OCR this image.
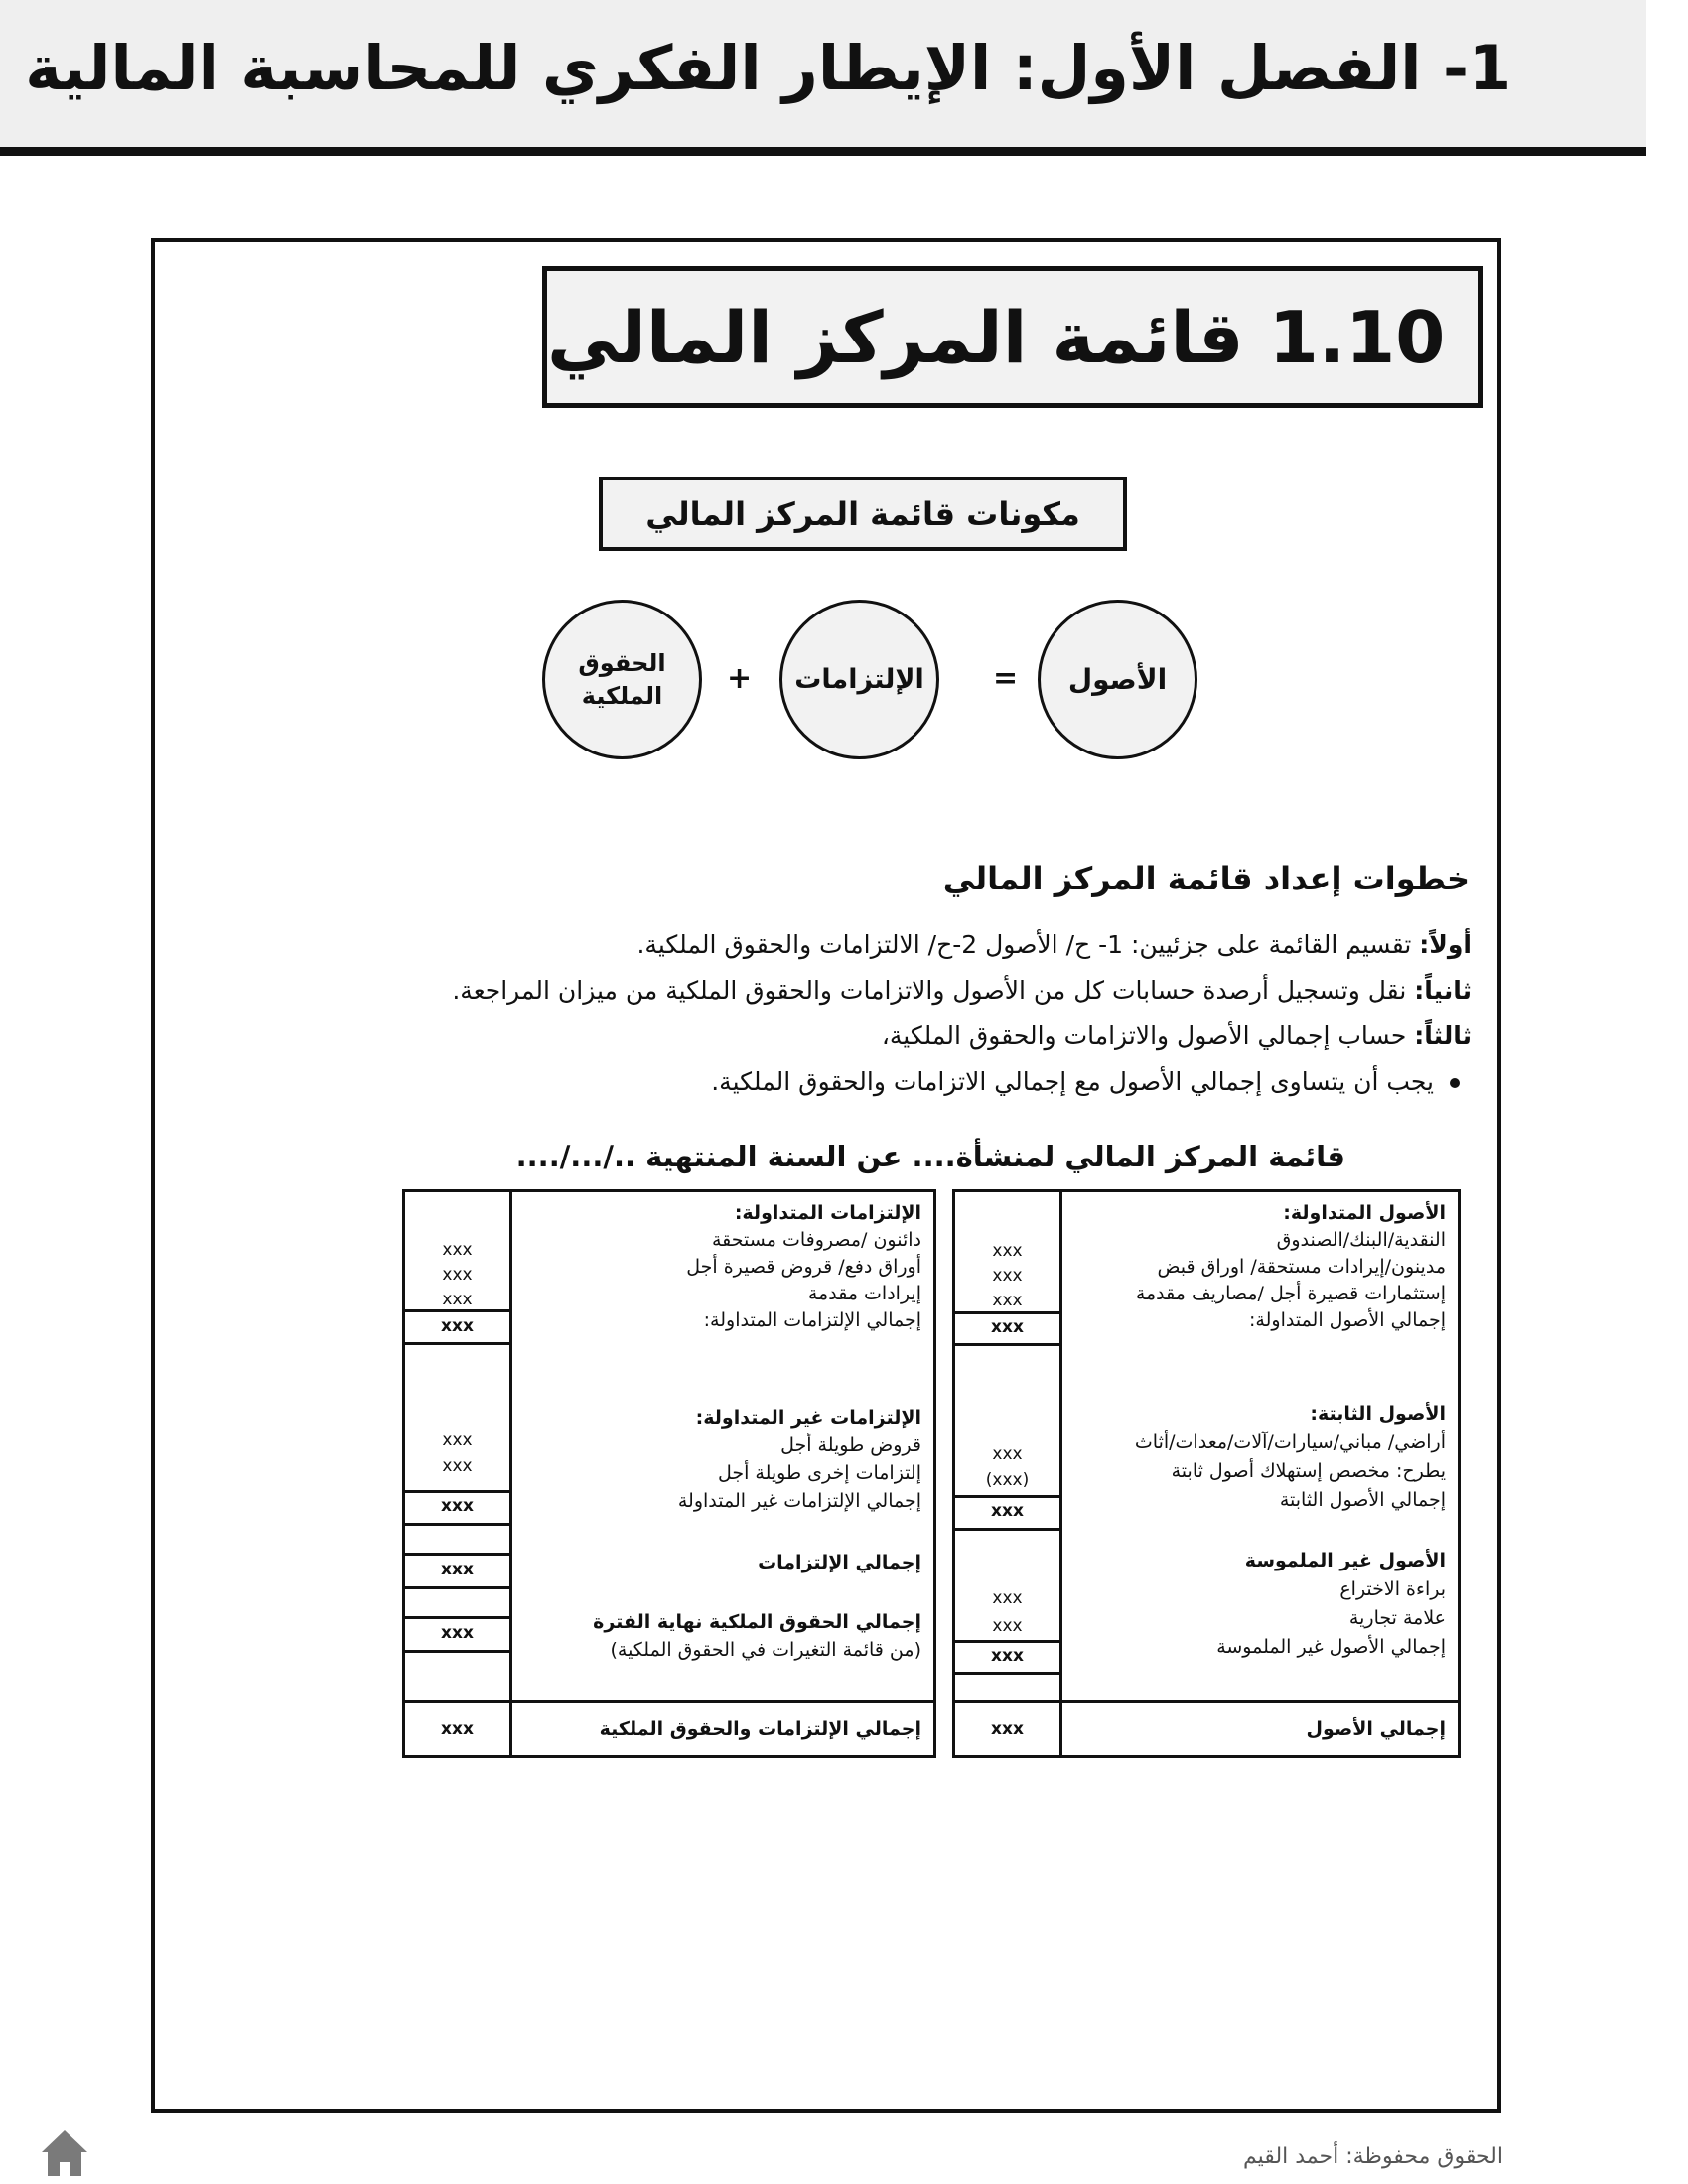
1- الفصل الأول: الإيطار الفكري للمحاسبة المالية
1.10 قائمة المركز المالي
مكونات قائمة المركز المالي
الأصول
=
الإلتزامات
+
الحقوق
الملكية
خطوات إعداد قائمة المركز المالي
أولاً: تقسيم القائمة على جزئيين: 1- ح/ الأصول 2-ح/ الالتزامات والحقوق الملكية.
ثانياً: نقل وتسجيل أرصدة حسابات كل من الأصول والاتزامات والحقوق الملكية من ميزان المراجعة.
ثالثاً: حساب إجمالي الأصول والاتزامات والحقوق الملكية،
يجب أن يتساوى إجمالي الأصول مع إجمالي الاتزامات والحقوق الملكية.
قائمة المركز المالي لمنشأة.... عن السنة المنتهية ../.../....
الأصول المتداولة:
النقدية/البنك/الصندوق
مدينون/إيرادات مستحقة/ اوراق قبض
إستثمارات قصيرة أجل /مصاريف مقدمة
إجمالي الأصول المتداولة:
xxx
xxx
xxx
xxx
الأصول الثابتة:
أراضي/ مباني/سيارات/آلات/معدات/أثاث
يطرح: مخصص إستهلاك أصول ثابتة
إجمالي الأصول الثابتة
xxx
(xxx)
xxx
الأصول غير الملموسة
براءة الاختراع
علامة تجارية
إجمالي الأصول غير الملموسة
xxx
xxx
xxx
إجمالي الأصول
xxx
الإلتزامات المتداولة:
دائنون /مصروفات مستحقة
أوراق دفع/ قروض قصيرة أجل
إيرادات مقدمة
إجمالي الإلتزامات المتداولة:
xxx
xxx
xxx
xxx
الإلتزامات غير المتداولة:
قروض طويلة أجل
إلتزامات إخرى طويلة أجل
إجمالي الإلتزامات غير المتداولة
xxx
xxx
xxx
إجمالي الإلتزامات
xxx
إجمالي الحقوق الملكية نهاية الفترة
(من قائمة التغيرات في الحقوق الملكية)
xxx
إجمالي الإلتزامات والحقوق الملكية
xxx
الحقوق محفوظة: أحمد القيم
